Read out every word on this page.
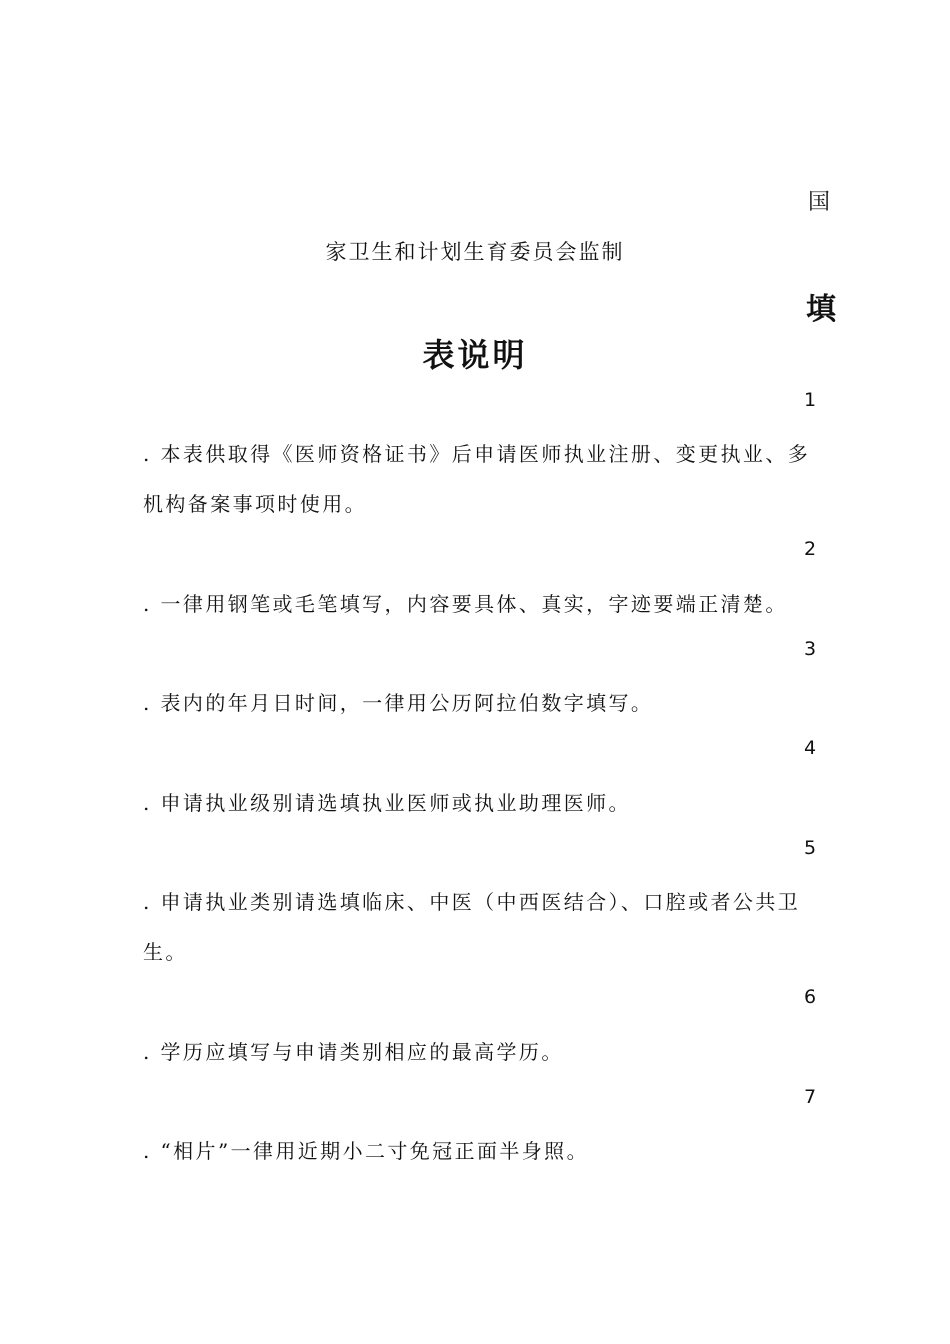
国
家卫生和计划生育委员会监制
填
表说明
1
. 本表供取得《医师资格证书》后申请医师执业注册、变更执业、多
机构备案事项时使用。
2
. 一律用钢笔或毛笔填写，内容要具体、真实，字迹要端正清楚。
3
. 表内的年月日时间，一律用公历阿拉伯数字填写。
4
. 申请执业级别请选填执业医师或执业助理医师。
5
. 申请执业类别请选填临床、中医（中西医结合）、口腔或者公共卫
生。
6
. 学历应填写与申请类别相应的最高学历。
7
. “相片”一律用近期小二寸免冠正面半身照。
